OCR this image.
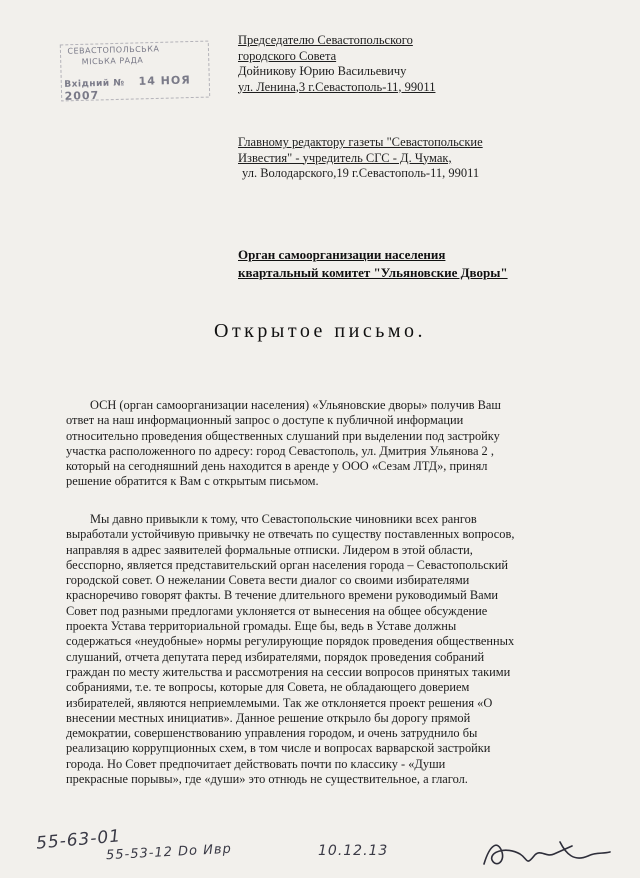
СЕВАСТОПОЛЬСЬКА
МІСЬКА РАДА
Вхідний № 14 НОЯ 2007
Председателю Севастопольского
городского Совета
Дойникову Юрию Васильевичу
ул. Ленина,3 г.Севастополь-11, 99011
Главному редактору газеты "Севастопольские
Известия" - учредитель СГС - Д. Чумак,
ул. Володарского,19 г.Севастополь-11, 99011
Орган самоорганизации населения
квартальный комитет "Ульяновские Дворы"
Открытое письмо.
ОСН (орган самоорганизации населения) «Ульяновские дворы» получив Ваш
ответ на наш информационный запрос о доступе к публичной информации
относительно проведения общественных слушаний при выделении под застройку
участка расположенного по адресу: город Севастополь, ул. Дмитрия Ульянова 2 ,
который на сегодняшний день находится в аренде у ООО «Сезам ЛТД», принял
решение обратится к Вам с открытым письмом.
Мы давно привыкли к тому, что Севастопольские чиновники всех рангов
выработали устойчивую привычку не отвечать по существу поставленных вопросов,
направляя в адрес заявителей формальные отписки. Лидером в этой области,
бесспорно, является представительский орган населения города – Севастопольский
городской совет. О нежелании Совета вести диалог со своими избирателями
красноречиво говорят факты. В течение длительного времени руководимый Вами
Совет под разными предлогами уклоняется от вынесения на общее обсуждение
проекта Устава территориальной громады. Еще бы, ведь в Уставе должны
содержаться «неудобные» нормы регулирующие порядок проведения общественных
слушаний, отчета депутата перед избирателями, порядок проведения собраний
граждан по месту жительства и рассмотрения на сессии вопросов принятых такими
собраниями, т.е. те вопросы, которые для Совета, не обладающего доверием
избирателей, являются неприемлемыми. Так же отклоняется проект решения «О
внесении местных инициатив». Данное решение открыло бы дорогу прямой
демократии, совершенствованию управления городом, и очень затруднило бы
реализацию коррупционных схем, в том числе и вопросах варварской застройки
города. Но Совет предпочитает действовать почти по классику - «Души
прекрасные порывы», где «души» это отнюдь не существительное, а глагол.
55-63-01
55-53-12 Do Ивр	10.12.13
